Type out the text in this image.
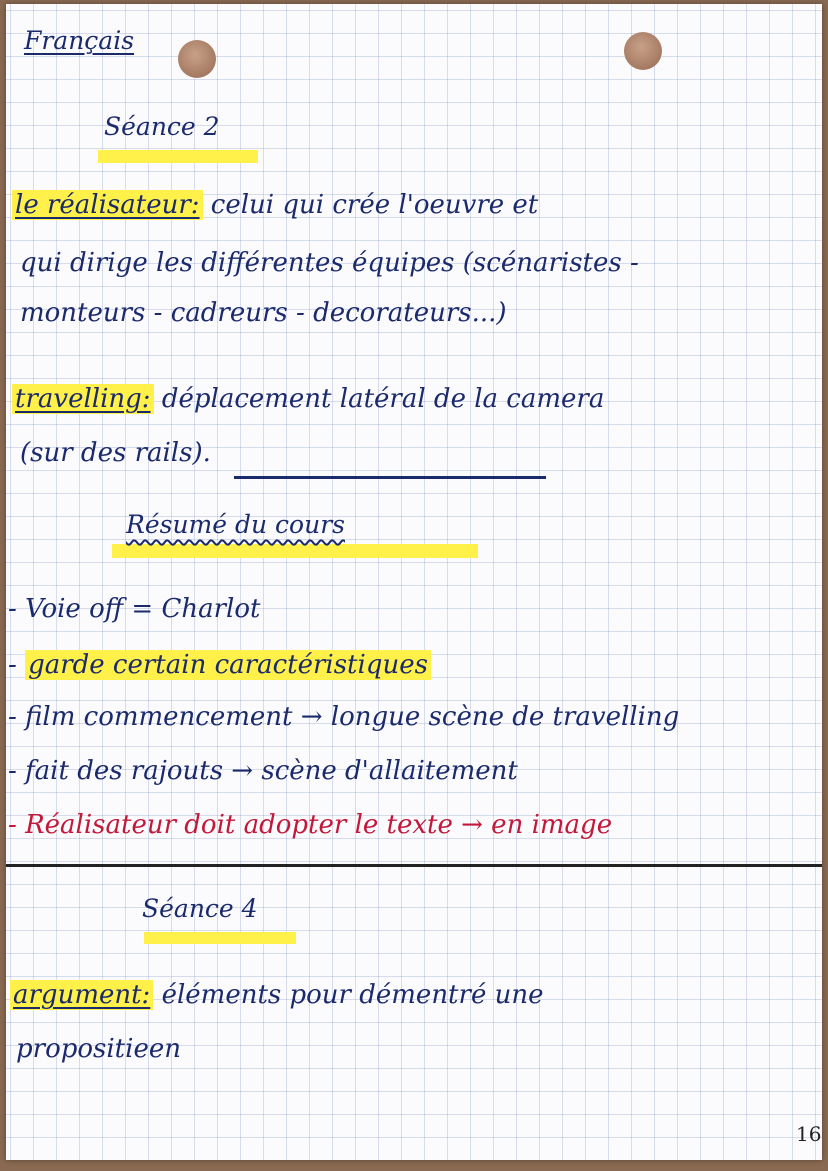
Français
Séance 2
le réalisateur: celui qui crée l'oeuvre et
qui dirige les différentes équipes (scénaristes -
monteurs - cadreurs - decorateurs...)
travelling: déplacement latéral de la camera
(sur des rails).
Résumé du cours
- Voie off = Charlot
- garde certain caractéristiques
- film commencement → longue scène de travelling
- fait des rajouts → scène d'allaitement
- Réalisateur doit adopter le texte → en image
Séance 4
argument: éléments pour démentré une
propositieen
16
